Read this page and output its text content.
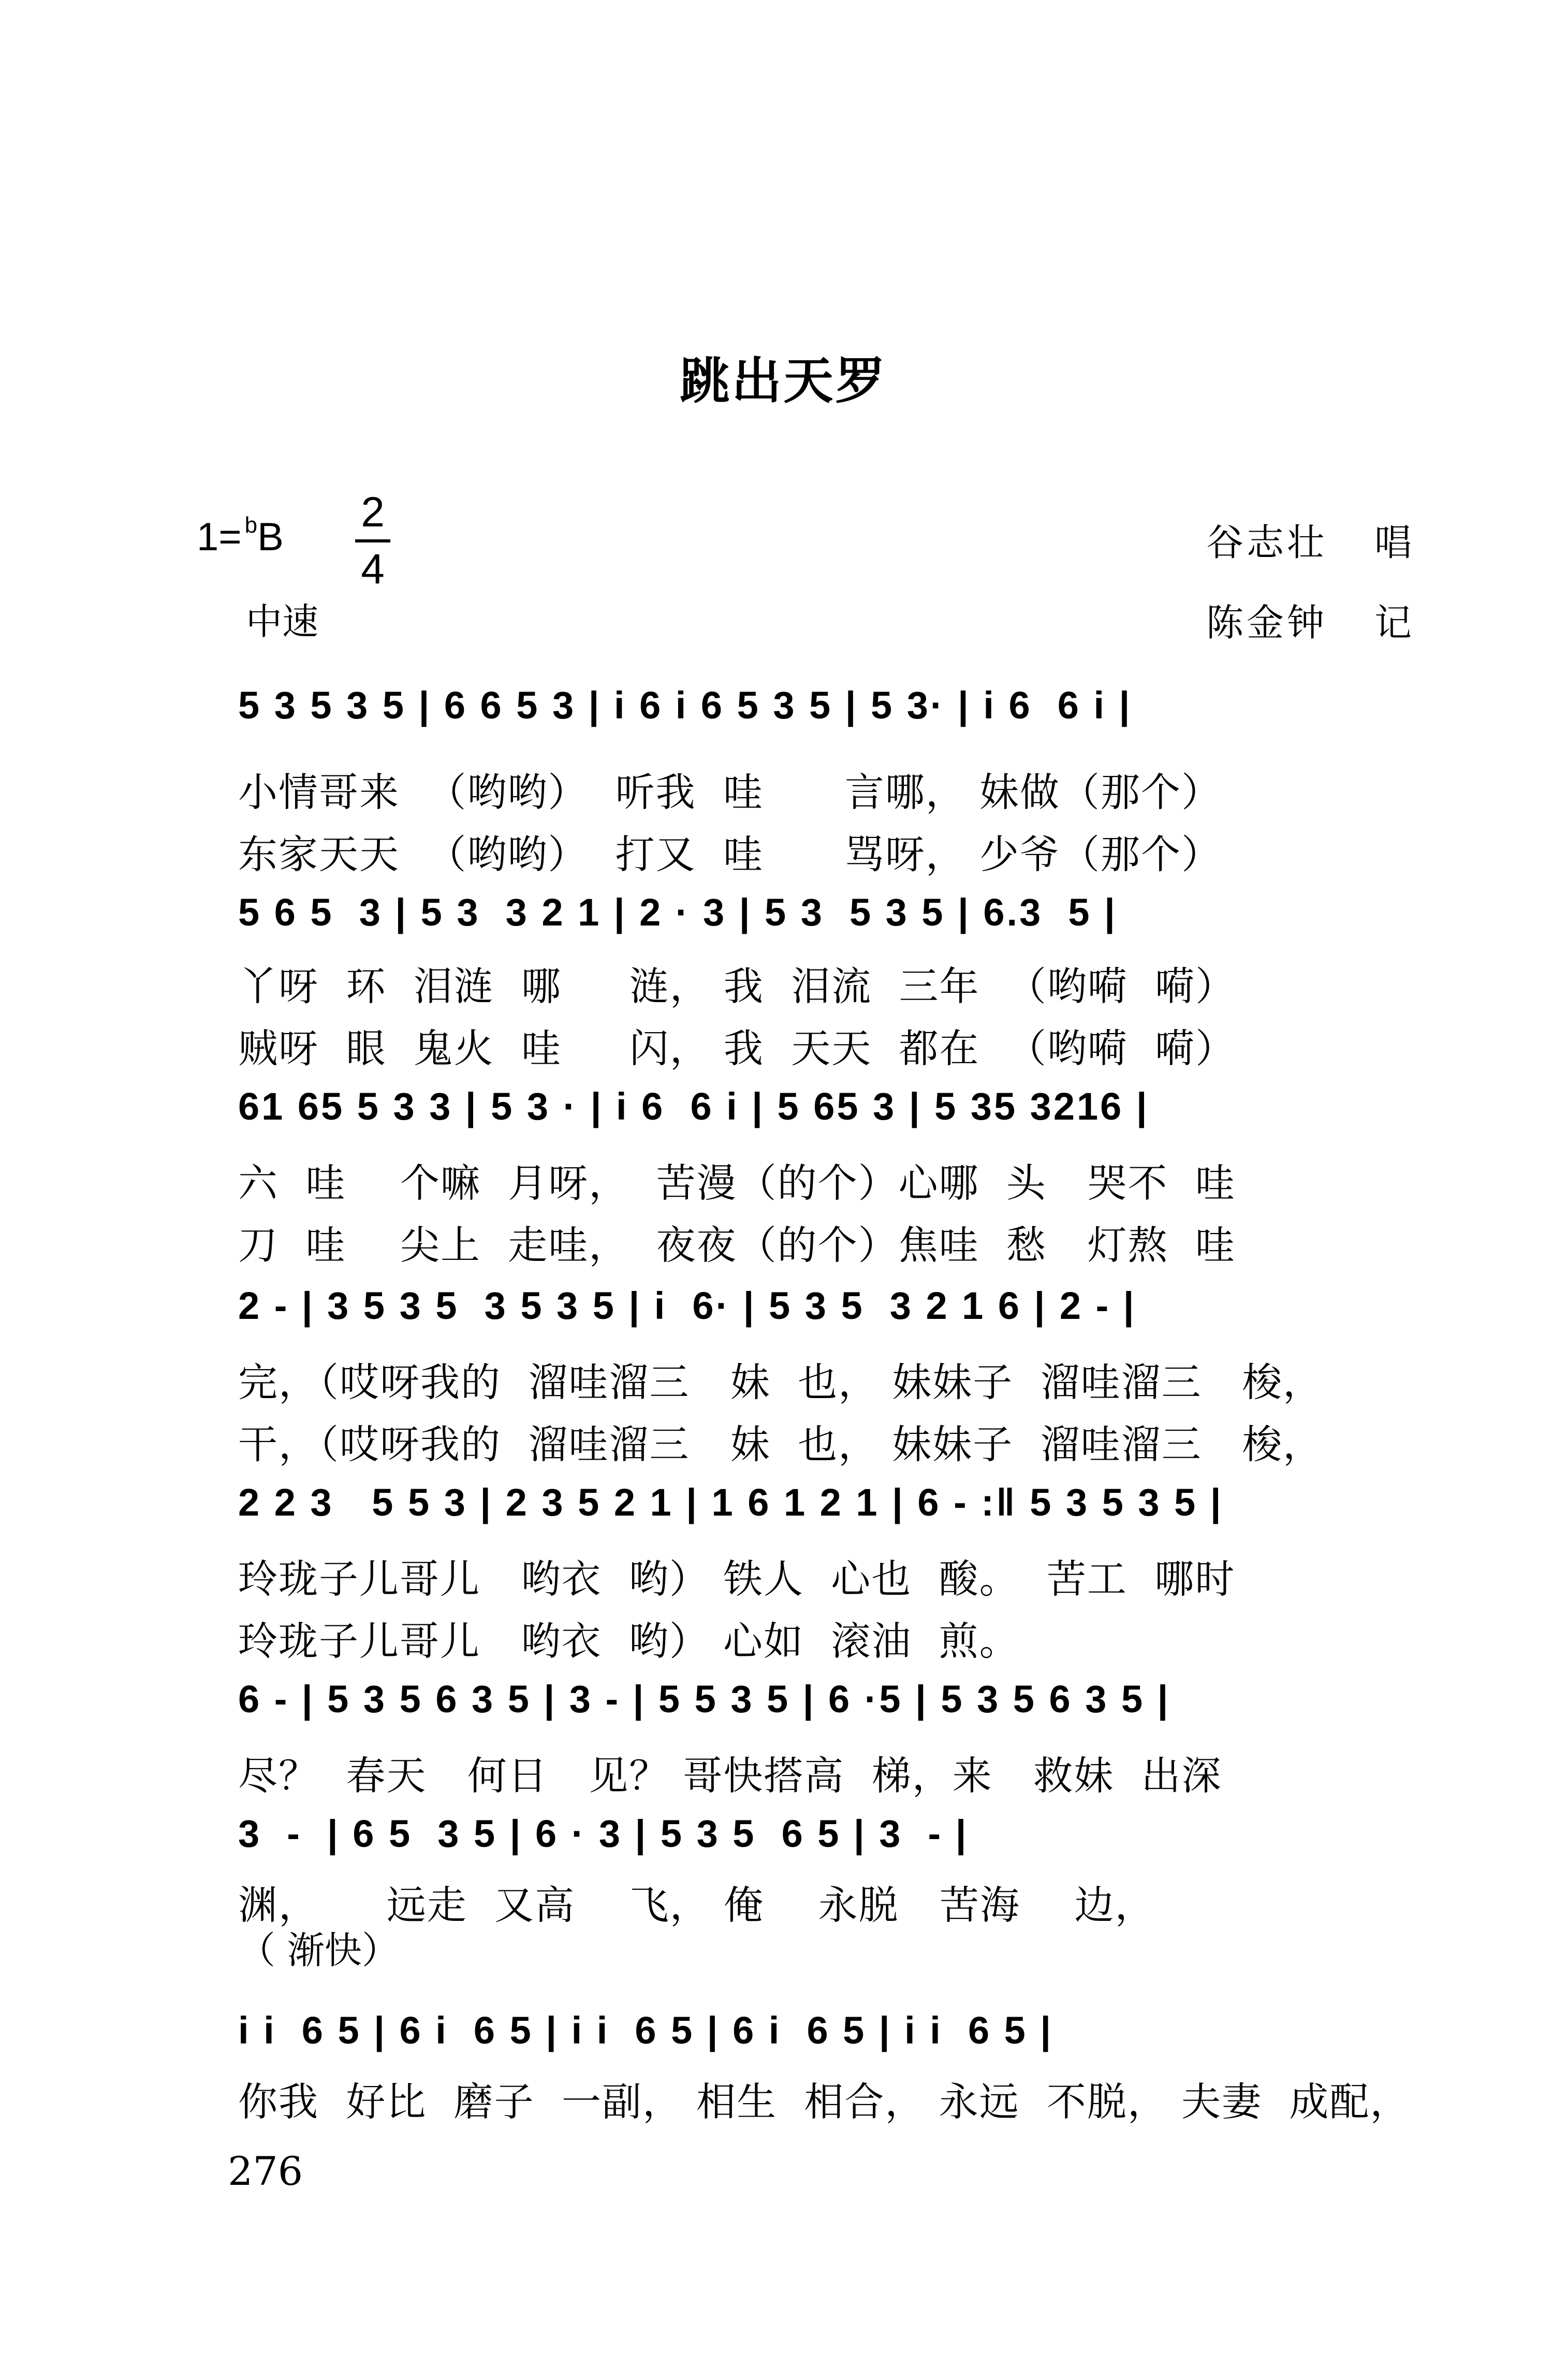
跳出天罗
1= $^b$B
2
4
中速
谷志壮 唱
陈金钟 记
5 3 5 3 5 | 6 6 5 3 | i 6 i 6 5 3 5 | 5 3· | i 6  6 i |
小情哥来  （哟哟）  听我  哇      言哪， 妹做（那个）
东家天天  （哟哟）  打又  哇      骂呀， 少爷（那个）
5 6 5  3 | 5 3  3 2 1 | 2 · 3 | 5 3  5 3 5 | 6.3  5 |
丫呀  环  泪涟  哪     涟， 我  泪流  三年  （哟嗬  嗬）
贼呀  眼  鬼火  哇     闪， 我  天天  都在  （哟嗬  嗬）
61 65 5 3 3 | 5 3 · | i 6  6 i | 5 65 3 | 5 35 3216 |
六  哇    个嘛  月呀，  苦漫（的个）心哪  头   哭不  哇
刀  哇    尖上  走哇，  夜夜（的个）焦哇  愁   灯熬  哇
2 - | 3 5 3 5  3 5 3 5 | i  6· | 5 3 5  3 2 1 6 | 2 - |
完，（哎呀我的  溜哇溜三   妹  也， 妹妹子  溜哇溜三   梭，
干，（哎呀我的  溜哇溜三   妹  也， 妹妹子  溜哇溜三   梭，
2 2 3   5 5 3 | 2 3 5 2 1 | 1 6 1 2 1 | 6 - :‖ 5 3 5 3 5 |
玲珑子儿哥儿   哟衣  哟） 铁人  心也  酸。  苦工  哪时
玲珑子儿哥儿   哟衣  哟） 心如  滚油  煎。
6 - | 5 3 5 6 3 5 | 3 - | 5 5 3 5 | 6 ·5 | 5 3 5 6 3 5 |
尽？  春天   何日   见？ 哥快搭高  梯，来   救妹  出深
3  -  | 6 5  3 5 | 6 · 3 | 5 3 5  6 5 | 3  - |
渊，     远走  又高    飞， 俺    永脱   苦海    边，
（ 渐快）
i i  6 5 | 6 i  6 5 | i i  6 5 | 6 i  6 5 | i i  6 5 |
你我  好比  磨子  一副， 相生  相合， 永远  不脱， 夫妻  成配，
276
